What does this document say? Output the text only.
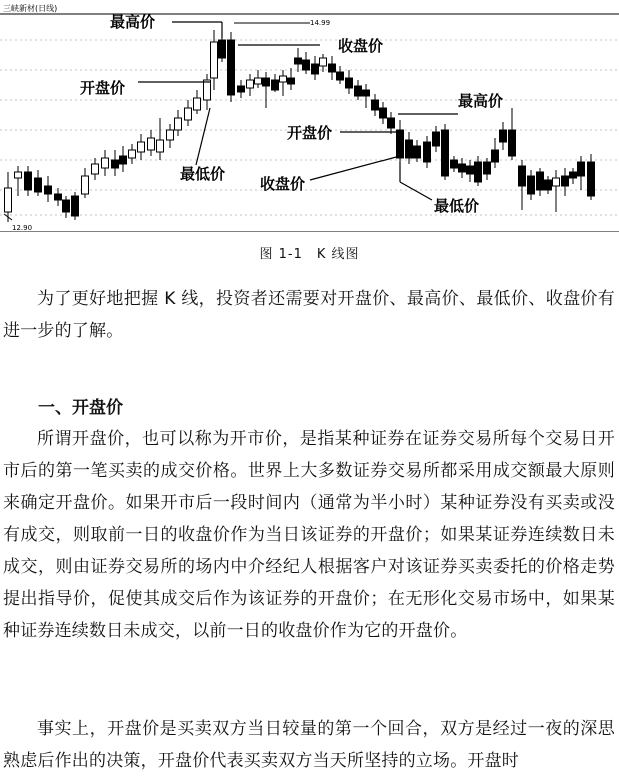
三峡新材(日线)
14.99
12.90
最高价
收盘价
开盘价
最低价
最高价
开盘价
收盘价
最低价
图 1-1　K 线图

为了更好地把握 K 线，投资者还需要对开盘价、最高价、最低价、收盘价有进一步的了解。

一、开盘价

所谓开盘价，也可以称为开市价，是指某种证券在证券交易所每个交易日开市后的第一笔买卖的成交价格。世界上大多数证券交易所都采用成交额最大原则来确定开盘价。如果开市后一段时间内（通常为半小时）某种证券没有买卖或没有成交，则取前一日的收盘价作为当日该证券的开盘价；如果某证券连续数日未成交，则由证券交易所的场内中介经纪人根据客户对该证券买卖委托的价格走势提出指导价，促使其成交后作为该证券的开盘价；在无形化交易市场中，如果某种证券连续数日未成交，以前一日的收盘价作为它的开盘价。

事实上，开盘价是买卖双方当日较量的第一个回合，双方是经过一夜的深思熟虑后作出的决策，开盘价代表买卖双方当天所坚持的立场。开盘时
